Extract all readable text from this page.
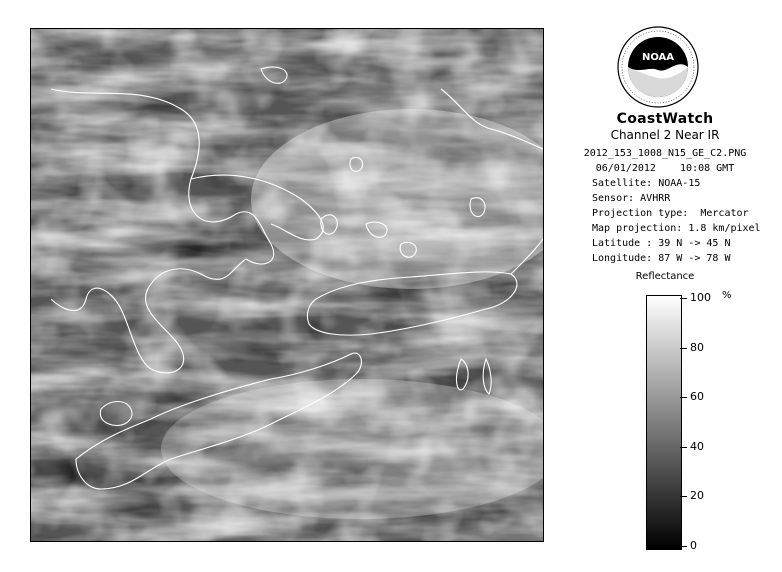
NOAA
CoastWatch
Channel 2 Near IR
2012_153_1008_N15_GE_C2.PNG
06/01/2012    10:08 GMT
Satellite: NOAA-15
Sensor: AVHRR
Projection type:  Mercator
Map projection: 1.8 km/pixel
Latitude : 39 N -> 45 N
Longitude: 87 W -> 78 W
Reflectance
%
100
80
60
40
20
0
